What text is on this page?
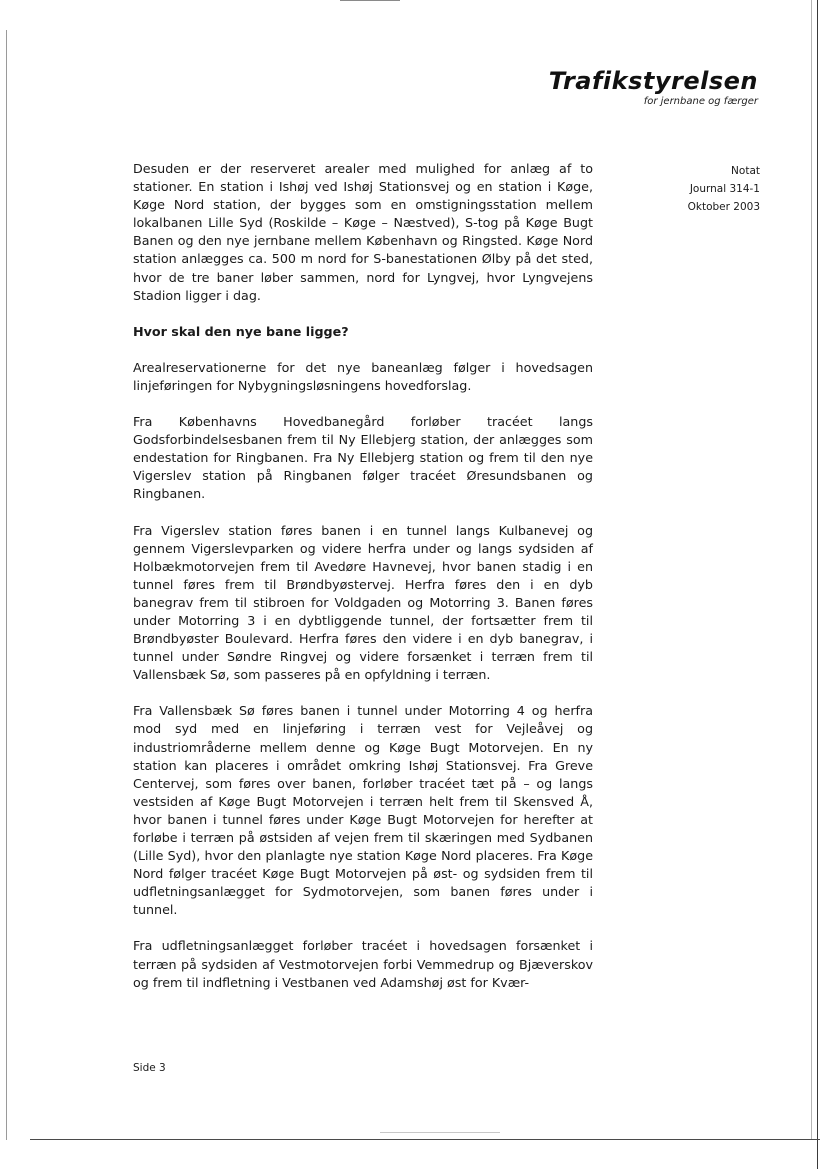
Trafikstyrelsen
for jernbane og færger
Notat
Journal 314-1
Oktober 2003

Desuden er der reserveret arealer med mulighed for anlæg af to stationer. En station i Ishøj ved Ishøj Stationsvej og en station i Køge, Køge Nord station, der bygges som en omstigningsstation mellem lokalbanen Lille Syd (Roskilde – Køge – Næstved), S-tog på Køge Bugt Banen og den nye jernbane mellem København og Ringsted. Køge Nord station anlægges ca. 500 m nord for S-banestationen Ølby på det sted, hvor de tre baner løber sammen, nord for Lyngvej, hvor Lyngvejens Stadion ligger i dag.

Hvor skal den nye bane ligge?

Arealreservationerne for det nye baneanlæg følger i hovedsagen linjeføringen for Nybygningsløsningens hovedforslag.

Fra Københavns Hovedbanegård forløber tracéet langs Godsforbindelsesbanen frem til Ny Ellebjerg station, der anlægges som endestation for Ringbanen. Fra Ny Ellebjerg station og frem til den nye Vigerslev station på Ringbanen følger tracéet Øresundsbanen og Ringbanen.

Fra Vigerslev station føres banen i en tunnel langs Kulbanevej og gennem Vigerslevparken og videre herfra under og langs sydsiden af Holbækmotorvejen frem til Avedøre Havnevej, hvor banen stadig i en tunnel føres frem til Brøndbyøstervej. Herfra føres den i en dyb banegrav frem til stibroen for Voldgaden og Motorring 3. Banen føres under Motorring 3 i en dybtliggende tunnel, der fortsætter frem til Brøndbyøster Boulevard. Herfra føres den videre i en dyb banegrav, i tunnel under Søndre Ringvej og videre forsænket i terræn frem til Vallensbæk Sø, som passeres på en opfyldning i terræn.

Fra Vallensbæk Sø føres banen i tunnel under Motorring 4 og herfra mod syd med en linjeføring i terræn vest for Vejleåvej og industriområderne mellem denne og Køge Bugt Motorvejen. En ny station kan placeres i området omkring Ishøj Stationsvej. Fra Greve Centervej, som føres over banen, forløber tracéet tæt på – og langs vestsiden af Køge Bugt Motorvejen i terræn helt frem til Skensved Å, hvor banen i tunnel føres under Køge Bugt Motorvejen for herefter at forløbe i terræn på østsiden af vejen frem til skæringen med Sydbanen (Lille Syd), hvor den planlagte nye station Køge Nord placeres. Fra Køge Nord følger tracéet Køge Bugt Motorvejen på øst- og sydsiden frem til udfletningsanlægget for Sydmotorvejen, som banen føres under i tunnel.

Fra udfletningsanlægget forløber tracéet i hovedsagen forsænket i terræn på sydsiden af Vestmotorvejen forbi Vemmedrup og Bjæverskov og frem til indfletning i Vestbanen ved Adamshøj øst for Kvær-

Side 3
